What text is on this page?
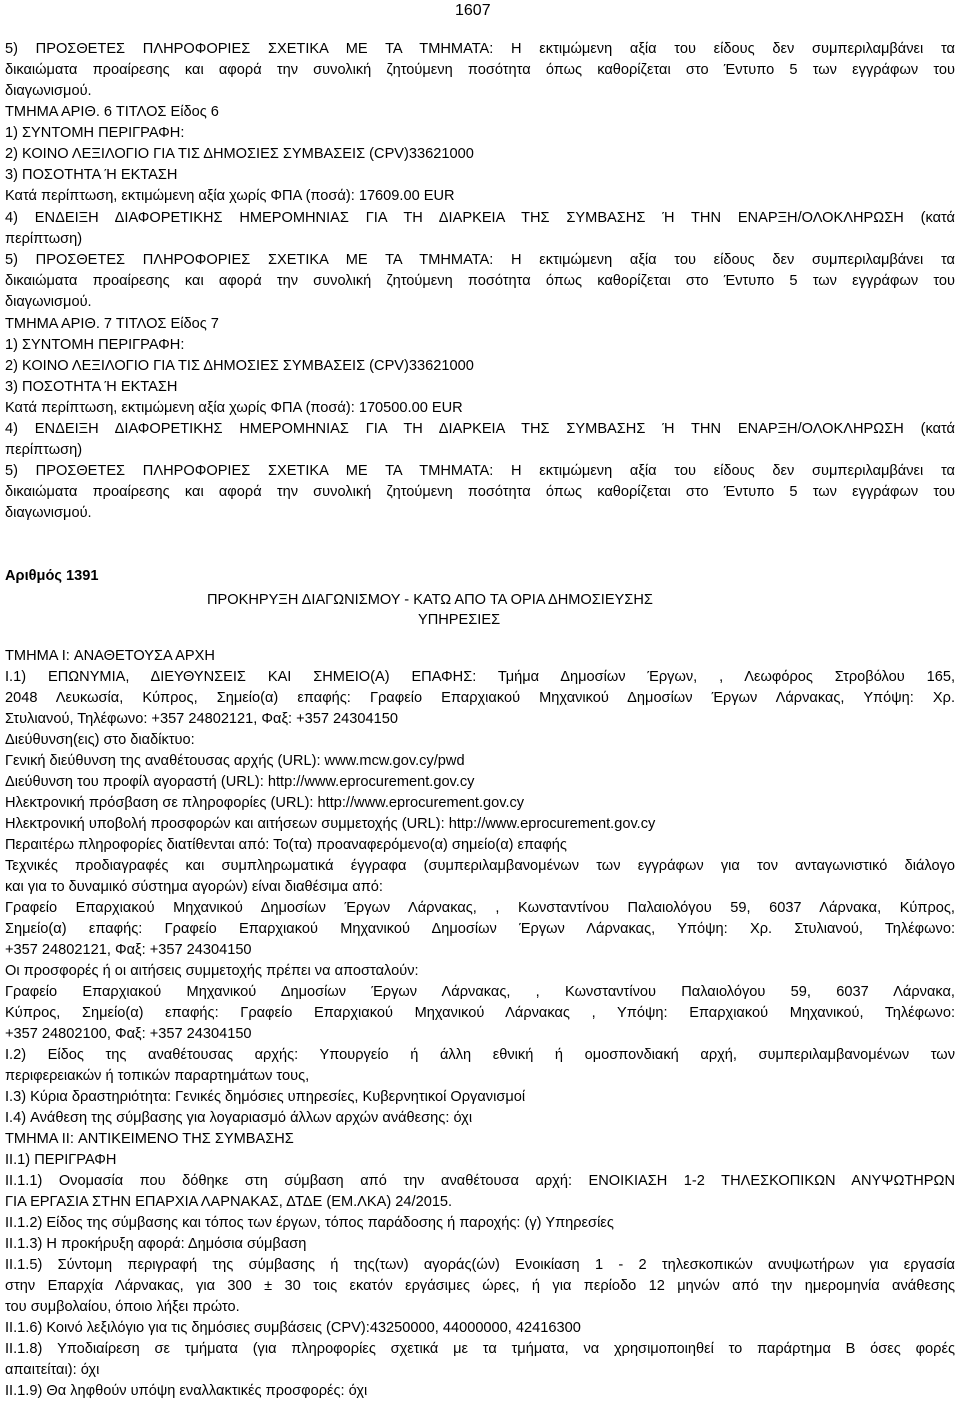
1607
5) ΠΡΟΣΘΕΤΕΣ ΠΛΗΡΟΦΟΡΙΕΣ ΣΧΕΤΙΚΑ ΜΕ ΤΑ ΤΜΗΜΑΤΑ: Η εκτιμώμενη αξία του είδους δεν συμπεριλαμβάνει τα
δικαιώματα προαίρεσης και αφορά την συνολική ζητούμενη ποσότητα όπως καθορίζεται στο Έντυπο 5 των εγγράφων του
διαγωνισμού.
ΤΜΗΜΑ ΑΡΙΘ. 6 ΤΙΤΛΟΣ Είδος 6
1) ΣΥΝΤΟΜΗ ΠΕΡΙΓΡΑΦΗ:
2) ΚΟΙΝΟ ΛΕΞΙΛΟΓΙΟ ΓΙΑ ΤΙΣ ΔΗΜΟΣΙΕΣ ΣΥΜΒΑΣΕΙΣ (CPV)33621000
3) ΠΟΣΟΤΗΤΑ Ή ΕΚΤΑΣΗ
Κατά περίπτωση, εκτιμώμενη αξία χωρίς ΦΠΑ (ποσά): 17609.00 EUR
4) ΕΝΔΕΙΞΗ ΔΙΑΦΟΡΕΤΙΚΗΣ ΗΜΕΡΟΜΗΝΙΑΣ ΓΙΑ ΤΗ ΔΙΑΡΚΕΙΑ ΤΗΣ ΣΥΜΒΑΣΗΣ Ή ΤΗΝ ΕΝΑΡΞΗ/ΟΛΟΚΛΗΡΩΣΗ (κατά
περίπτωση)
5) ΠΡΟΣΘΕΤΕΣ ΠΛΗΡΟΦΟΡΙΕΣ ΣΧΕΤΙΚΑ ΜΕ ΤΑ ΤΜΗΜΑΤΑ: Η εκτιμώμενη αξία του είδους δεν συμπεριλαμβάνει τα
δικαιώματα προαίρεσης και αφορά την συνολική ζητούμενη ποσότητα όπως καθορίζεται στο Έντυπο 5 των εγγράφων του
διαγωνισμού.
ΤΜΗΜΑ ΑΡΙΘ. 7 ΤΙΤΛΟΣ Είδος 7
1) ΣΥΝΤΟΜΗ ΠΕΡΙΓΡΑΦΗ:
2) ΚΟΙΝΟ ΛΕΞΙΛΟΓΙΟ ΓΙΑ ΤΙΣ ΔΗΜΟΣΙΕΣ ΣΥΜΒΑΣΕΙΣ (CPV)33621000
3) ΠΟΣΟΤΗΤΑ Ή ΕΚΤΑΣΗ
Κατά περίπτωση, εκτιμώμενη αξία χωρίς ΦΠΑ (ποσά): 170500.00 EUR
4) ΕΝΔΕΙΞΗ ΔΙΑΦΟΡΕΤΙΚΗΣ ΗΜΕΡΟΜΗΝΙΑΣ ΓΙΑ ΤΗ ΔΙΑΡΚΕΙΑ ΤΗΣ ΣΥΜΒΑΣΗΣ Ή ΤΗΝ ΕΝΑΡΞΗ/ΟΛΟΚΛΗΡΩΣΗ (κατά
περίπτωση)
5) ΠΡΟΣΘΕΤΕΣ ΠΛΗΡΟΦΟΡΙΕΣ ΣΧΕΤΙΚΑ ΜΕ ΤΑ ΤΜΗΜΑΤΑ: Η εκτιμώμενη αξία του είδους δεν συμπεριλαμβάνει τα
δικαιώματα προαίρεσης και αφορά την συνολική ζητούμενη ποσότητα όπως καθορίζεται στο Έντυπο 5 των εγγράφων του
διαγωνισμού.
Αριθμός 1391
ΠΡΟΚΗΡΥΞΗ ΔΙΑΓΩΝΙΣΜΟΥ - ΚΑΤΩ ΑΠΟ ΤΑ ΟΡΙΑ ΔΗΜΟΣΙΕΥΣΗΣ
ΥΠΗΡΕΣΙΕΣ
ΤΜΗΜΑ I: ΑΝΑΘΕΤΟΥΣΑ ΑΡΧΗ
I.1) ΕΠΩΝΥΜΙΑ, ΔΙΕΥΘΥΝΣΕΙΣ ΚΑΙ ΣΗΜΕΙΟ(Α) ΕΠΑΦΗΣ: Τμήμα Δημοσίων Έργων, , Λεωφόρος Στροβόλου 165,
2048 Λευκωσία, Κύπρος, Σημείο(α) επαφής: Γραφείο Επαρχιακού Μηχανικού Δημοσίων Έργων Λάρνακας, Υπόψη: Χρ.
Στυλιανού, Τηλέφωνο: +357 24802121, Φαξ: +357 24304150
Διεύθυνση(εις) στο διαδίκτυο:
Γενική διεύθυνση της αναθέτουσας αρχής (URL): www.mcw.gov.cy/pwd
Διεύθυνση του προφίλ αγοραστή (URL): http://www.eprocurement.gov.cy
Ηλεκτρονική πρόσβαση σε πληροφορίες (URL): http://www.eprocurement.gov.cy
Ηλεκτρονική υποβολή προσφορών και αιτήσεων συμμετοχής (URL): http://www.eprocurement.gov.cy
Περαιτέρω πληροφορίες διατίθενται από: Το(τα) προαναφερόμενο(α) σημείο(α) επαφής
Τεχνικές προδιαγραφές και συμπληρωματικά έγγραφα (συμπεριλαμβανομένων των εγγράφων για τον ανταγωνιστικό διάλογο
και για το δυναμικό σύστημα αγορών) είναι διαθέσιμα από:
Γραφείο Επαρχιακού Μηχανικού Δημοσίων Έργων Λάρνακας, , Κωνσταντίνου Παλαιολόγου 59, 6037 Λάρνακα, Κύπρος,
Σημείο(α) επαφής: Γραφείο Επαρχιακού Μηχανικού Δημοσίων Έργων Λάρνακας, Υπόψη: Χρ. Στυλιανού, Τηλέφωνο:
+357 24802121, Φαξ: +357 24304150
Οι προσφορές ή οι αιτήσεις συμμετοχής πρέπει να αποσταλούν:
Γραφείο Επαρχιακού Μηχανικού Δημοσίων Έργων Λάρνακας, , Κωνσταντίνου Παλαιολόγου 59, 6037 Λάρνακα,
Κύπρος, Σημείο(α) επαφής: Γραφείο Επαρχιακού Μηχανικού Λάρνακας , Υπόψη: Επαρχιακού Μηχανικού, Τηλέφωνο:
+357 24802100, Φαξ: +357 24304150
I.2) Είδος της αναθέτουσας αρχής: Υπουργείο ή άλλη εθνική ή ομοσπονδιακή αρχή, συμπεριλαμβανομένων των
περιφερειακών ή τοπικών παραρτημάτων τους,
I.3) Κύρια δραστηριότητα: Γενικές δημόσιες υπηρεσίες, Κυβερνητικοί Οργανισμοί
I.4) Ανάθεση της σύμβασης για λογαριασμό άλλων αρχών ανάθεσης: όχι
ΤΜΗΜΑ II: ΑΝΤΙΚΕΙΜΕΝΟ ΤΗΣ ΣΥΜΒΑΣΗΣ
II.1) ΠΕΡΙΓΡΑΦΗ
II.1.1) Ονομασία που δόθηκε στη σύμβαση από την αναθέτουσα αρχή: ΕΝΟΙΚΙΑΣΗ 1-2 ΤΗΛΕΣΚΟΠΙΚΩΝ ΑΝΥΨΩΤΗΡΩΝ
ΓΙΑ ΕΡΓΑΣΙΑ ΣΤΗΝ ΕΠΑΡΧΙΑ ΛΑΡΝΑΚΑΣ, ΔΤΔΕ (ΕΜ.ΛΚΑ) 24/2015.
II.1.2) Είδος της σύμβασης και τόπος των έργων, τόπος παράδοσης ή παροχής: (γ) Υπηρεσίες
II.1.3) Η προκήρυξη αφορά: Δημόσια σύμβαση
II.1.5) Σύντομη περιγραφή της σύμβασης ή της(των) αγοράς(ών) Ενοικίαση 1 - 2 τηλεσκοπικών ανυψωτήρων για εργασία
στην Επαρχία Λάρνακας, για 300 ± 30 τοις εκατόν εργάσιμες ώρες, ή για περίοδο 12 μηνών από την ημερομηνία ανάθεσης
του συμβολαίου, όποιο λήξει πρώτο.
II.1.6) Κοινό λεξιλόγιο για τις δημόσιες συμβάσεις (CPV):43250000, 44000000, 42416300
II.1.8) Υποδιαίρεση σε τμήματα (για πληροφορίες σχετικά με τα τμήματα, να χρησιμοποιηθεί το παράρτημα Β όσες φορές
απαιτείται): όχι
II.1.9) Θα ληφθούν υπόψη εναλλακτικές προσφορές: όχι
